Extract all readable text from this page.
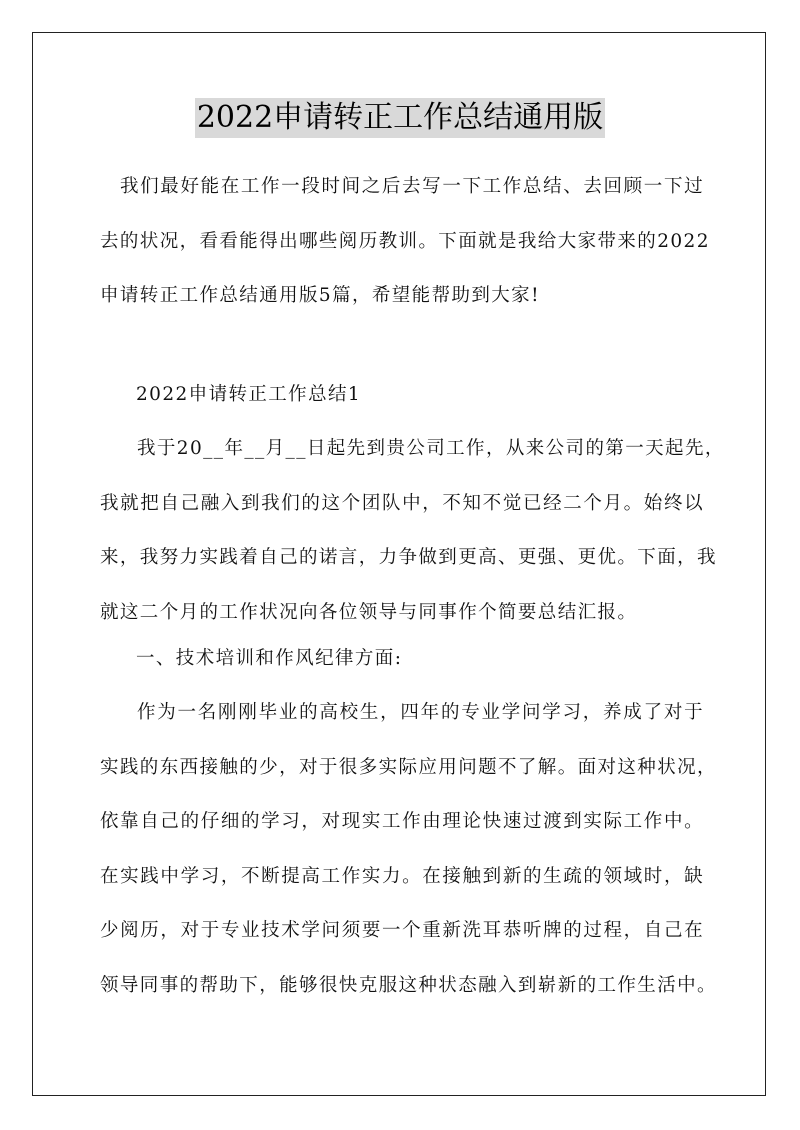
2022申请转正工作总结通用版

我们最好能在工作一段时间之后去写一下工作总结、去回顾一下过
去的状况，看看能得出哪些阅历教训。下面就是我给大家带来的2022
申请转正工作总结通用版5篇，希望能帮助到大家!

2022申请转正工作总结1

我于20__年__月__日起先到贵公司工作，从来公司的第一天起先，
我就把自己融入到我们的这个团队中，不知不觉已经二个月。始终以
来，我努力实践着自己的诺言，力争做到更高、更强、更优。下面，我
就这二个月的工作状况向各位领导与同事作个简要总结汇报。

一、技术培训和作风纪律方面:

作为一名刚刚毕业的高校生，四年的专业学问学习，养成了对于
实践的东西接触的少，对于很多实际应用问题不了解。面对这种状况，
依靠自己的仔细的学习，对现实工作由理论快速过渡到实际工作中。
在实践中学习，不断提高工作实力。在接触到新的生疏的领域时，缺
少阅历，对于专业技术学问须要一个重新洗耳恭听牌的过程，自己在
领导同事的帮助下，能够很快克服这种状态融入到崭新的工作生活中。
